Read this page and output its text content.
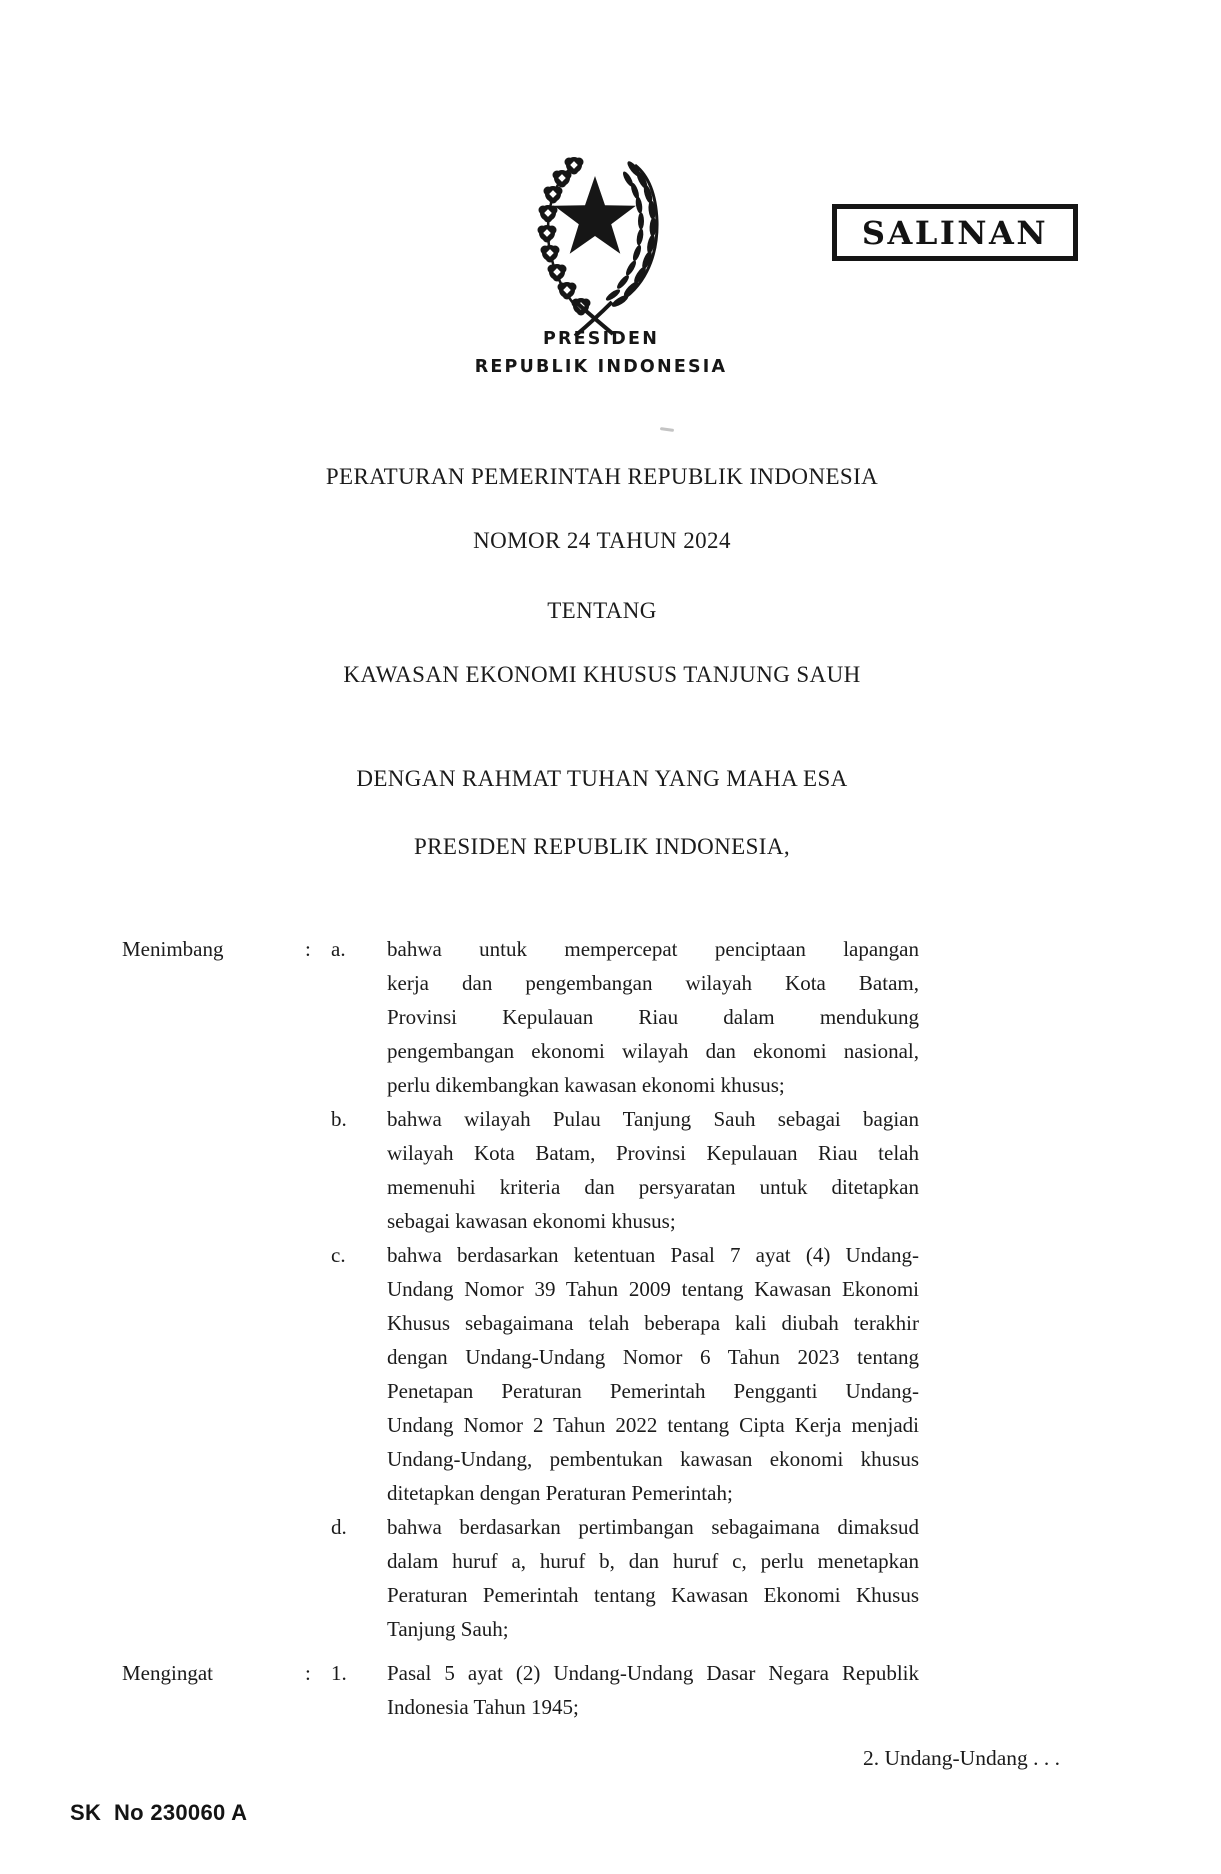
PRESIDEN
REPUBLIK INDONESIA
SALINAN
PERATURAN PEMERINTAH REPUBLIK INDONESIA
NOMOR 24 TAHUN 2024
TENTANG
KAWASAN EKONOMI KHUSUS TANJUNG SAUH
DENGAN RAHMAT TUHAN YANG MAHA ESA
PRESIDEN REPUBLIK INDONESIA,
Menimbang	: a.	bahwa untuk mempercepat penciptaan lapangan
kerja dan pengembangan wilayah Kota Batam,
Provinsi Kepulauan Riau dalam mendukung
pengembangan ekonomi wilayah dan ekonomi nasional,
perlu dikembangkan kawasan ekonomi khusus;
b.	bahwa wilayah Pulau Tanjung Sauh sebagai bagian
wilayah Kota Batam, Provinsi Kepulauan Riau telah
memenuhi kriteria dan persyaratan untuk ditetapkan
sebagai kawasan ekonomi khusus;
c.	bahwa berdasarkan ketentuan Pasal 7 ayat (4) Undang-
Undang Nomor 39 Tahun 2009 tentang Kawasan Ekonomi
Khusus sebagaimana telah beberapa kali diubah terakhir
dengan Undang-Undang Nomor 6 Tahun 2023 tentang
Penetapan Peraturan Pemerintah Pengganti Undang-
Undang Nomor 2 Tahun 2022 tentang Cipta Kerja menjadi
Undang-Undang, pembentukan kawasan ekonomi khusus
ditetapkan dengan Peraturan Pemerintah;
d.	bahwa berdasarkan pertimbangan sebagaimana dimaksud
dalam huruf a, huruf b, dan huruf c, perlu menetapkan
Peraturan Pemerintah tentang Kawasan Ekonomi Khusus
Tanjung Sauh;
Mengingat	: 1.	Pasal 5 ayat (2) Undang-Undang Dasar Negara Republik
Indonesia Tahun 1945;
2. Undang-Undang . . .
SK  No 230060 A
